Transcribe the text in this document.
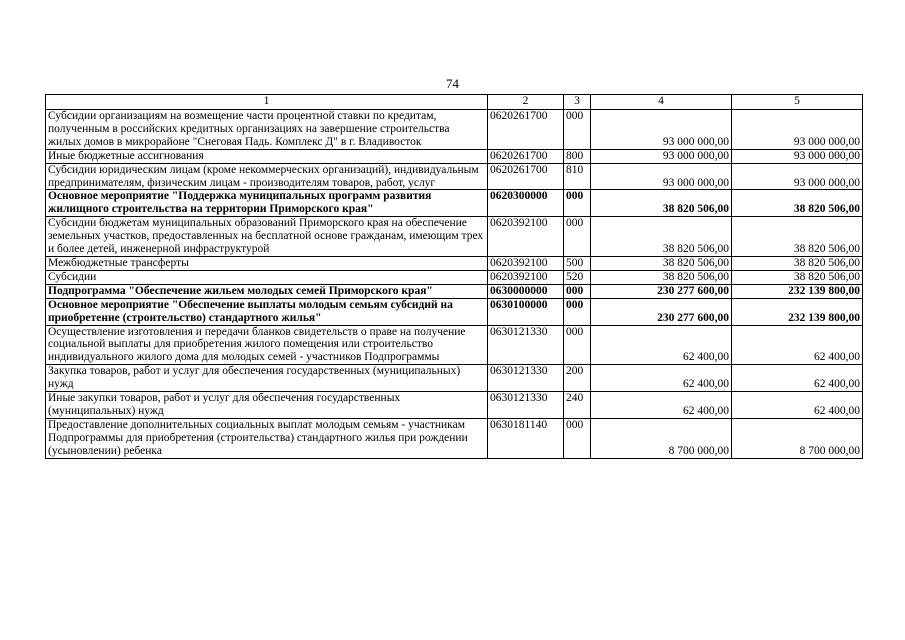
74
1	2	3	4	5
Субсидии организациям на возмещение части процентной ставки по кредитам, полученным в российских кредитных организациях на завершение строительства жилых домов в микрорайоне "Снеговая Падь. Комплекс Д" в г. Владивосток	0620261700	000	93 000 000,00	93 000 000,00
Иные бюджетные ассигнования	0620261700	800	93 000 000,00	93 000 000,00
Субсидии юридическим лицам (кроме некоммерческих организаций), индивидуальным предпринимателям, физическим лицам - производителям товаров, работ, услуг	0620261700	810	93 000 000,00	93 000 000,00
Основное мероприятие "Поддержка муниципальных программ развития жилищного строительства на территории Приморского края"	0620300000	000	38 820 506,00	38 820 506,00
Субсидии бюджетам муниципальных образований Приморского края на обеспечение земельных участков, предоставленных на бесплатной основе гражданам, имеющим трех и более детей, инженерной инфраструктурой	0620392100	000	38 820 506,00	38 820 506,00
Межбюджетные трансферты	0620392100	500	38 820 506,00	38 820 506,00
Субсидии	0620392100	520	38 820 506,00	38 820 506,00
Подпрограмма "Обеспечение жильем молодых семей Приморского края"	0630000000	000	230 277 600,00	232 139 800,00
Основное мероприятие "Обеспечение выплаты молодым семьям субсидий на приобретение (строительство) стандартного жилья"	0630100000	000	230 277 600,00	232 139 800,00
Осуществление изготовления и передачи бланков свидетельств о праве на получение социальной выплаты для приобретения жилого помещения или строительство индивидуального жилого дома для молодых семей - участников Подпрограммы	0630121330	000	62 400,00	62 400,00
Закупка товаров, работ и услуг для обеспечения государственных (муниципальных) нужд	0630121330	200	62 400,00	62 400,00
Иные закупки товаров, работ и услуг для обеспечения государственных (муниципальных) нужд	0630121330	240	62 400,00	62 400,00
Предоставление дополнительных социальных выплат молодым семьям - участникам Подпрограммы для приобретения (строительства) стандартного жилья при рождении (усыновлении) ребенка	0630181140	000	8 700 000,00	8 700 000,00
